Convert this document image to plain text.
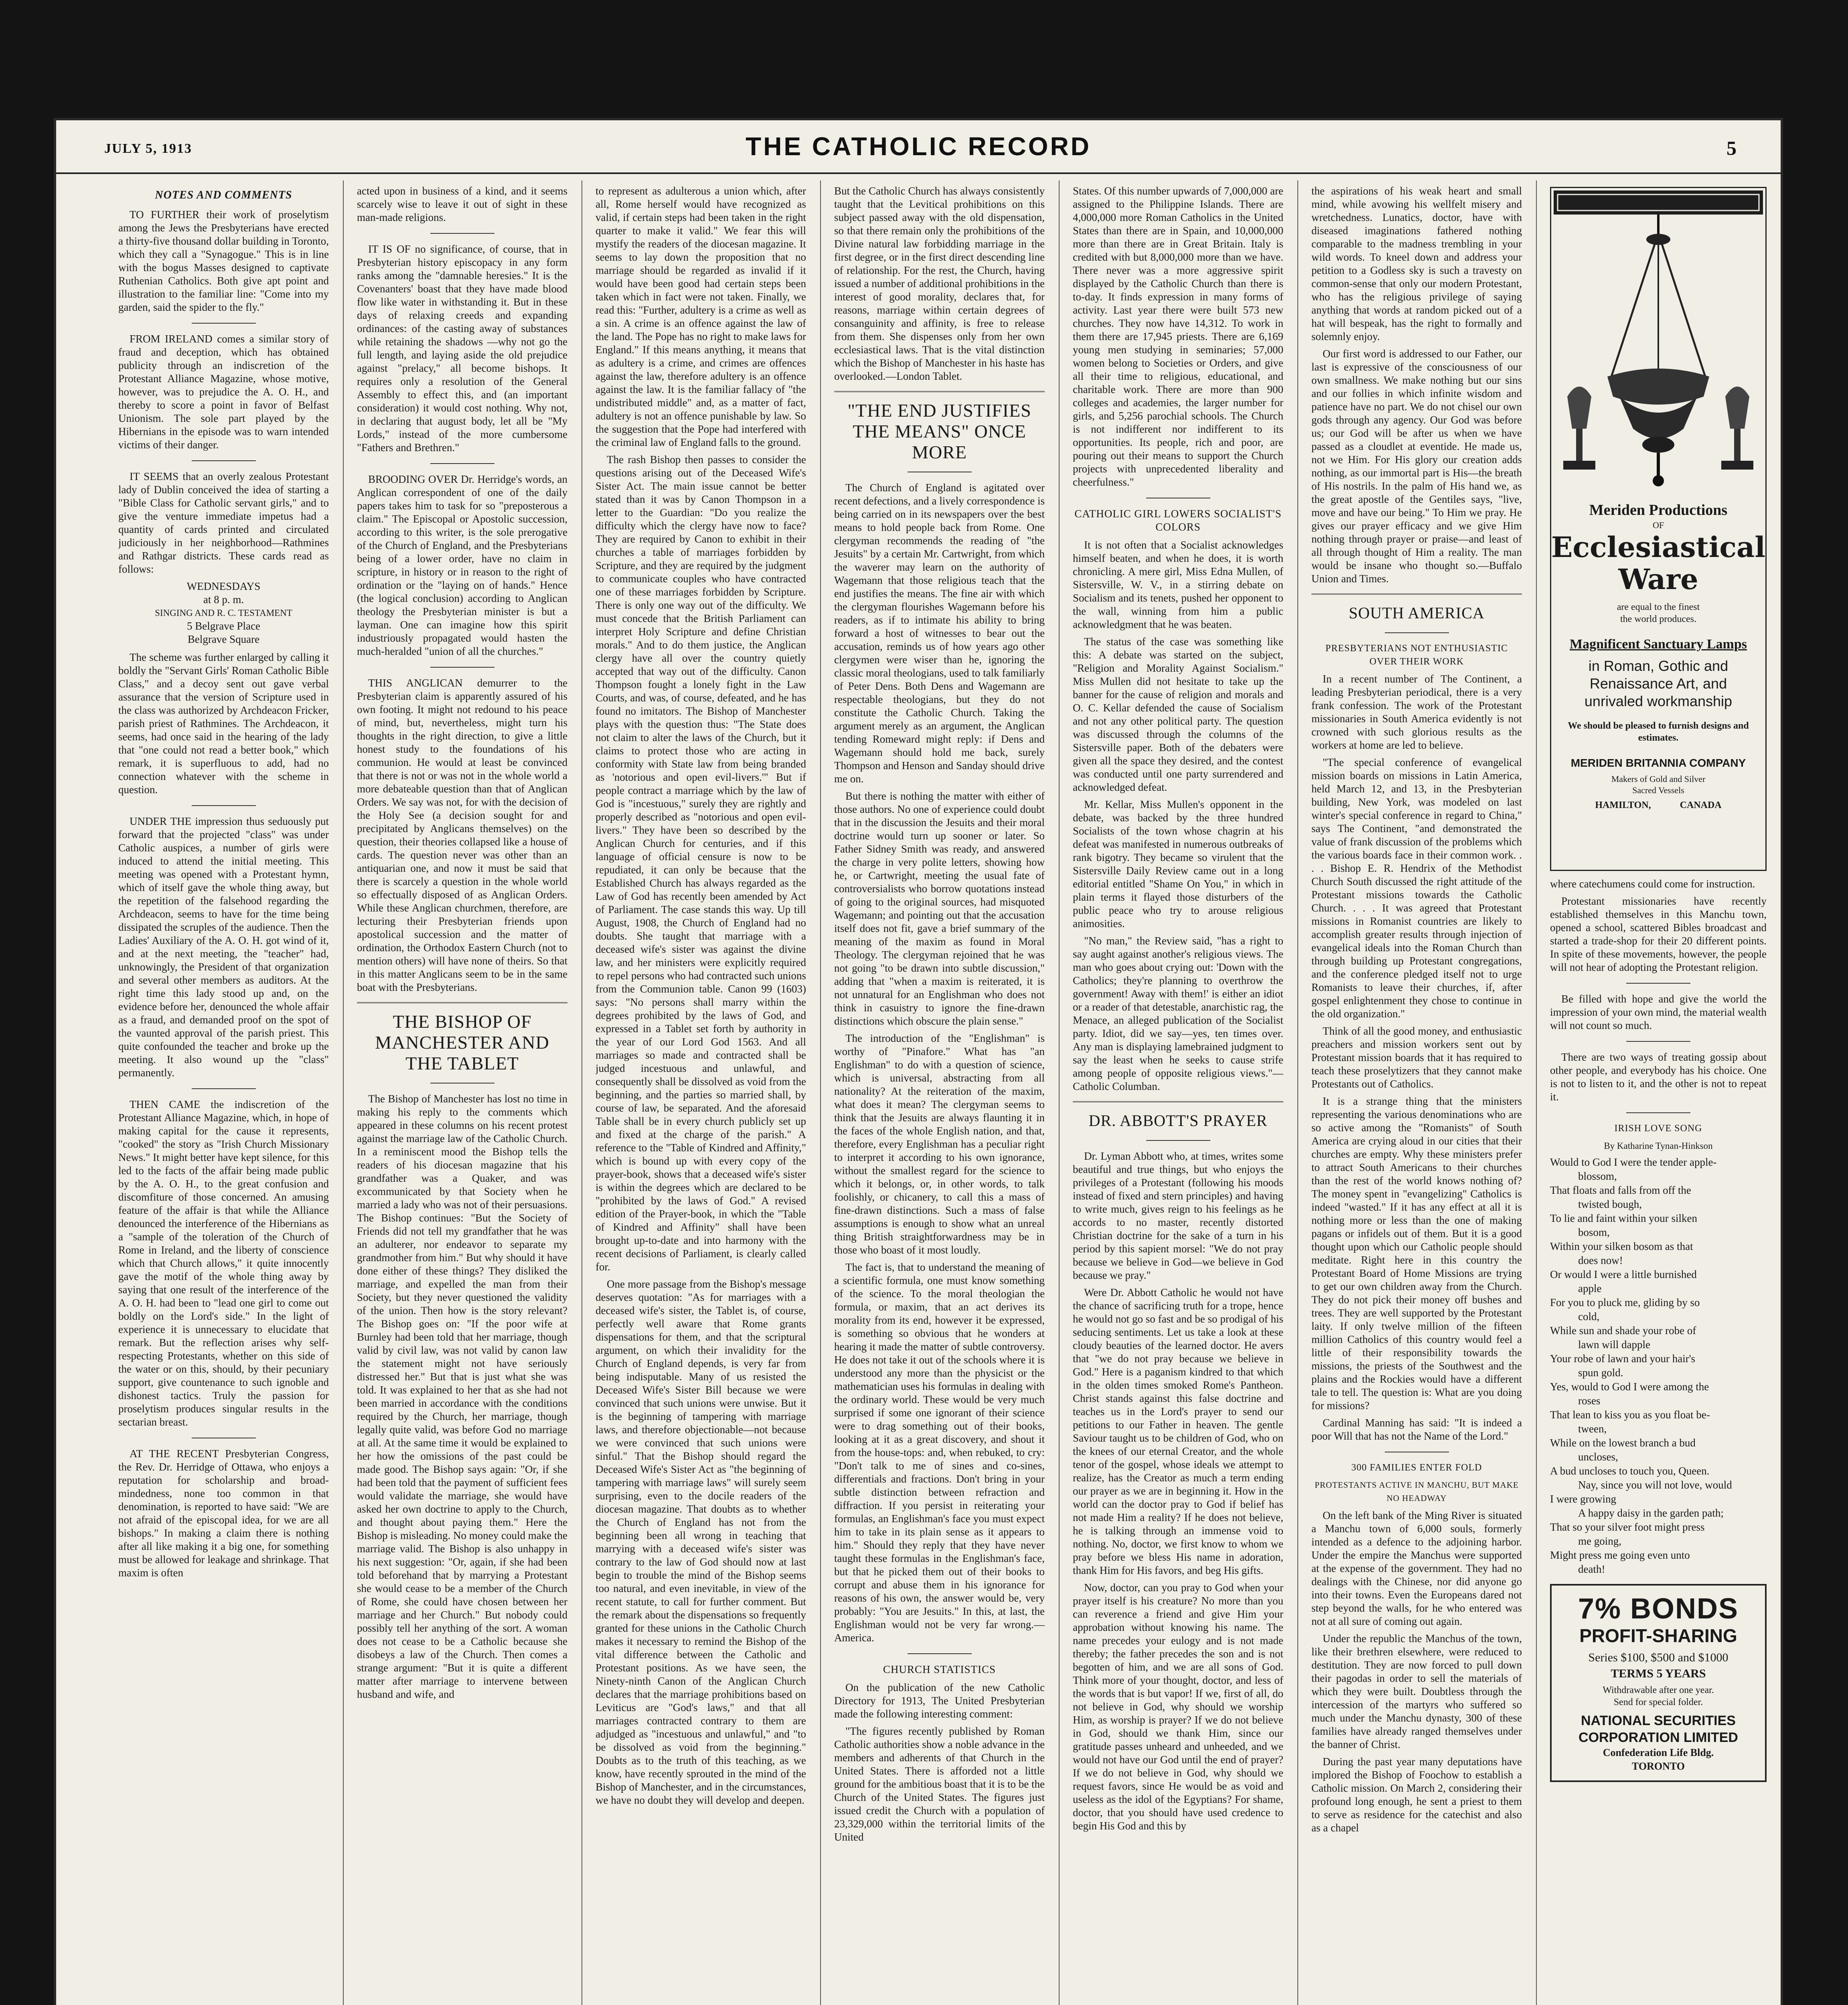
JULY 5, 1913	THE CATHOLIC RECORD	5
NOTES AND COMMENTS

TO FURTHER their work of proselytism among the Jews the Presbyterians have erected a thirty-five thousand dollar building in Toronto, which they call a "Synagogue." This is in line with the bogus Masses designed to captivate Ruthenian Catholics. Both give apt point and illustration to the familiar line: "Come into my garden, said the spider to the fly."

FROM IRELAND comes a similar story of fraud and deception, which has obtained publicity through an indiscretion of the Protestant Alliance Magazine, whose motive, however, was to prejudice the A. O. H., and thereby to score a point in favor of Belfast Unionism. The sole part played by the Hibernians in the episode was to warn intended victims of their danger.

IT SEEMS that an overly zealous Protestant lady of Dublin conceived the idea of starting a "Bible Class for Catholic servant girls," and to give the venture immediate impetus had a quantity of cards printed and circulated judiciously in her neighborhood—Rathmines and Rathgar districts. These cards read as follows:

WEDNESDAYS

at 8 p. m.

SINGING AND R. C. TESTAMENT

5 Belgrave Place

Belgrave Square

The scheme was further enlarged by calling it boldly the "Servant Girls' Roman Catholic Bible Class," and a decoy sent out gave verbal assurance that the version of Scripture used in the class was authorized by Archdeacon Fricker, parish priest of Rathmines. The Archdeacon, it seems, had once said in the hearing of the lady that "one could not read a better book," which remark, it is superfluous to add, had no connection whatever with the scheme in question.

UNDER THE impression thus seduously put forward that the projected "class" was under Catholic auspices, a number of girls were induced to attend the initial meeting. This meeting was opened with a Protestant hymn, which of itself gave the whole thing away, but the repetition of the falsehood regarding the Archdeacon, seems to have for the time being dissipated the scruples of the audience. Then the Ladies' Auxiliary of the A. O. H. got wind of it, and at the next meeting, the "teacher" had, unknowingly, the President of that organization and several other members as auditors. At the right time this lady stood up and, on the evidence before her, denounced the whole affair as a fraud, and demanded proof on the spot of the vaunted approval of the parish priest. This quite confounded the teacher and broke up the meeting. It also wound up the "class" permanently.

THEN CAME the indiscretion of the Protestant Alliance Magazine, which, in hope of making capital for the cause it represents, "cooked" the story as "Irish Church Missionary News." It might better have kept silence, for this led to the facts of the affair being made public by the A. O. H., to the great confusion and discomfiture of those concerned. An amusing feature of the affair is that while the Alliance denounced the interference of the Hibernians as a "sample of the toleration of the Church of Rome in Ireland, and the liberty of conscience which that Church allows," it quite innocently gave the motif of the whole thing away by saying that one result of the interference of the A. O. H. had been to "lead one girl to come out boldly on the Lord's side." In the light of experience it is unnecessary to elucidate that remark. But the reflection arises why self-respecting Protestants, whether on this side of the water or on this, should, by their pecuniary support, give countenance to such ignoble and dishonest tactics. Truly the passion for proselytism produces singular results in the sectarian breast.

AT THE RECENT Presbyterian Congress, the Rev. Dr. Herridge of Ottawa, who enjoys a reputation for scholarship and broad-mindedness, none too common in that denomination, is reported to have said: "We are not afraid of the episcopal idea, for we are all bishops." In making a claim there is nothing after all like making it a big one, for something must be allowed for leakage and shrinkage. That maxim is often

acted upon in business of a kind, and it seems scarcely wise to leave it out of sight in these man-made religions.

IT IS OF no significance, of course, that in Presbyterian history episcopacy in any form ranks among the "damnable heresies." It is the Covenanters' boast that they have made blood flow like water in withstanding it. But in these days of relaxing creeds and expanding ordinances: of the casting away of substances while retaining the shadows —why not go the full length, and laying aside the old prejudice against "prelacy," all become bishops. It requires only a resolution of the General Assembly to effect this, and (an important consideration) it would cost nothing. Why not, in declaring that august body, let all be "My Lords," instead of the more cumbersome "Fathers and Brethren."

BROODING OVER Dr. Herridge's words, an Anglican correspondent of one of the daily papers takes him to task for so "preposterous a claim." The Episcopal or Apostolic succession, according to this writer, is the sole prerogative of the Church of England, and the Presbyterians being of a lower order, have no claim in scripture, in history or in reason to the right of ordination or the "laying on of hands." Hence (the logical conclusion) according to Anglican theology the Presbyterian minister is but a layman. One can imagine how this spirit industriously propagated would hasten the much-heralded "union of all the churches."

THIS ANGLICAN demurrer to the Presbyterian claim is apparently assured of his own footing. It might not redound to his peace of mind, but, nevertheless, might turn his thoughts in the right direction, to give a little honest study to the foundations of his communion. He would at least be convinced that there is not or was not in the whole world a more debateable question than that of Anglican Orders. We say was not, for with the decision of the Holy See (a decision sought for and precipitated by Anglicans themselves) on the question, their theories collapsed like a house of cards. The question never was other than an antiquarian one, and now it must be said that there is scarcely a question in the whole world so effectually disposed of as Anglican Orders. While these Anglican churchmen, therefore, are lecturing their Presbyterian friends upon apostolical succession and the matter of ordination, the Orthodox Eastern Church (not to mention others) will have none of theirs. So that in this matter Anglicans seem to be in the same boat with the Presbyterians.

THE BISHOP OF MANCHESTER AND THE TABLET

The Bishop of Manchester has lost no time in making his reply to the comments which appeared in these columns on his recent protest against the marriage law of the Catholic Church. In a reminiscent mood the Bishop tells the readers of his diocesan magazine that his grandfather was a Quaker, and was excommunicated by that Society when he married a lady who was not of their persuasions. The Bishop continues: "But the Society of Friends did not tell my grandfather that he was an adulterer, nor endeavor to separate my grandmother from him." But why should it have done either of these things? They disliked the marriage, and expelled the man from their Society, but they never questioned the validity of the union. Then how is the story relevant? The Bishop goes on: "If the poor wife at Burnley had been told that her marriage, though valid by civil law, was not valid by canon law the statement might not have seriously distressed her." But that is just what she was told. It was explained to her that as she had not been married in accordance with the conditions required by the Church, her marriage, though legally quite valid, was before God no marriage at all. At the same time it would be explained to her how the omissions of the past could be made good. The Bishop says again: "Or, if she had been told that the payment of sufficient fees would validate the marriage, she would have asked her own doctrine to apply to the Church, and thought about paying them." Here the Bishop is misleading. No money could make the marriage valid. The Bishop is also unhappy in his next suggestion: "Or, again, if she had been told beforehand that by marrying a Protestant she would cease to be a member of the Church of Rome, she could have chosen between her marriage and her Church." But nobody could possibly tell her anything of the sort. A woman does not cease to be a Catholic because she disobeys a law of the Church. Then comes a strange argument: "But it is quite a different matter after marriage to intervene between husband and wife, and

to represent as adulterous a union which, after all, Rome herself would have recognized as valid, if certain steps had been taken in the right quarter to make it valid." We fear this will mystify the readers of the diocesan magazine. It seems to lay down the proposition that no marriage should be regarded as invalid if it would have been good had certain steps been taken which in fact were not taken. Finally, we read this: "Further, adultery is a crime as well as a sin. A crime is an offence against the law of the land. The Pope has no right to make laws for England." If this means anything, it means that as adultery is a crime, and crimes are offences against the law, therefore adultery is an offence against the law. It is the familiar fallacy of "the undistributed middle" and, as a matter of fact, adultery is not an offence punishable by law. So the suggestion that the Pope had interfered with the criminal law of England falls to the ground.

The rash Bishop then passes to consider the questions arising out of the Deceased Wife's Sister Act. The main issue cannot be better stated than it was by Canon Thompson in a letter to the Guardian: "Do you realize the difficulty which the clergy have now to face? They are required by Canon to exhibit in their churches a table of marriages forbidden by Scripture, and they are required by the judgment to communicate couples who have contracted one of these marriages forbidden by Scripture. There is only one way out of the difficulty. We must concede that the British Parliament can interpret Holy Scripture and define Christian morals." And to do them justice, the Anglican clergy have all over the country quietly accepted that way out of the difficulty. Canon Thompson fought a lonely fight in the Law Courts, and was, of course, defeated, and he has found no imitators. The Bishop of Manchester plays with the question thus: "The State does not claim to alter the laws of the Church, but it claims to protect those who are acting in conformity with State law from being branded as 'notorious and open evil-livers.'" But if people contract a marriage which by the law of God is "incestuous," surely they are rightly and properly described as "notorious and open evil-livers." They have been so described by the Anglican Church for centuries, and if this language of official censure is now to be repudiated, it can only be because that the Established Church has always regarded as the Law of God has recently been amended by Act of Parliament. The case stands this way. Up till August, 1908, the Church of England had no doubts. She taught that marriage with a deceased wife's sister was against the divine law, and her ministers were explicitly required to repel persons who had contracted such unions from the Communion table. Canon 99 (1603) says: "No persons shall marry within the degrees prohibited by the laws of God, and expressed in a Tablet set forth by authority in the year of our Lord God 1563. And all marriages so made and contracted shall be judged incestuous and unlawful, and consequently shall be dissolved as void from the beginning, and the parties so married shall, by course of law, be separated. And the aforesaid Table shall be in every church publicly set up and fixed at the charge of the parish." A reference to the "Table of Kindred and Affinity," which is bound up with every copy of the prayer-book, shows that a deceased wife's sister is within the degrees which are declared to be "prohibited by the laws of God." A revised edition of the Prayer-book, in which the "Table of Kindred and Affinity" shall have been brought up-to-date and into harmony with the recent decisions of Parliament, is clearly called for.

One more passage from the Bishop's message deserves quotation: "As for marriages with a deceased wife's sister, the Tablet is, of course, perfectly well aware that Rome grants dispensations for them, and that the scriptural argument, on which their invalidity for the Church of England depends, is very far from being indisputable. Many of us resisted the Deceased Wife's Sister Bill because we were convinced that such unions were unwise. But it is the beginning of tampering with marriage laws, and therefore objectionable—not because we were convinced that such unions were sinful." That the Bishop should regard the Deceased Wife's Sister Act as "the beginning of tampering with marriage laws" will surely seem surprising, even to the docile readers of the diocesan magazine. That doubts as to whether the Church of England has not from the beginning been all wrong in teaching that marrying with a deceased wife's sister was contrary to the law of God should now at last begin to trouble the mind of the Bishop seems too natural, and even inevitable, in view of the recent statute, to call for further comment. But the remark about the dispensations so frequently granted for these unions in the Catholic Church makes it necessary to remind the Bishop of the vital difference between the Catholic and Protestant positions. As we have seen, the Ninety-ninth Canon of the Anglican Church declares that the marriage prohibitions based on Leviticus are "God's laws," and that all marriages contracted contrary to them are adjudged as "incestuous and unlawful," and "to be dissolved as void from the beginning." Doubts as to the truth of this teaching, as we know, have recently sprouted in the mind of the Bishop of Manchester, and in the circumstances, we have no doubt they will develop and deepen.

But the Catholic Church has always consistently taught that the Levitical prohibitions on this subject passed away with the old dispensation, so that there remain only the prohibitions of the Divine natural law forbidding marriage in the first degree, or in the first direct descending line of relationship. For the rest, the Church, having issued a number of additional prohibitions in the interest of good morality, declares that, for reasons, marriage within certain degrees of consanguinity and affinity, is free to release from them. She dispenses only from her own ecclesiastical laws. That is the vital distinction which the Bishop of Manchester in his haste has overlooked.—London Tablet.

"THE END JUSTIFIES THE MEANS" ONCE MORE

The Church of England is agitated over recent defections, and a lively correspondence is being carried on in its newspapers over the best means to hold people back from Rome. One clergyman recommends the reading of "the Jesuits" by a certain Mr. Cartwright, from which the waverer may learn on the authority of Wagemann that those religious teach that the end justifies the means. The fine air with which the clergyman flourishes Wagemann before his readers, as if to intimate his ability to bring forward a host of witnesses to bear out the accusation, reminds us of how years ago other clergymen were wiser than he, ignoring the classic moral theologians, used to talk familiarly of Peter Dens. Both Dens and Wagemann are respectable theologians, but they do not constitute the Catholic Church. Taking the argument merely as an argument, the Anglican tending Romeward might reply: if Dens and Wagemann should hold me back, surely Thompson and Henson and Sanday should drive me on.

But there is nothing the matter with either of those authors. No one of experience could doubt that in the discussion the Jesuits and their moral doctrine would turn up sooner or later. So Father Sidney Smith was ready, and answered the charge in very polite letters, showing how he, or Cartwright, meeting the usual fate of controversialists who borrow quotations instead of going to the original sources, had misquoted Wagemann; and pointing out that the accusation itself does not fit, gave a brief summary of the meaning of the maxim as found in Moral Theology. The clergyman rejoined that he was not going "to be drawn into subtle discussion," adding that "when a maxim is reiterated, it is not unnatural for an Englishman who does not think in casuistry to ignore the fine-drawn distinctions which obscure the plain sense."

The introduction of the "Englishman" is worthy of "Pinafore." What has "an Englishman" to do with a question of science, which is universal, abstracting from all nationality? At the reiteration of the maxim, what does it mean? The clergyman seems to think that the Jesuits are always flaunting it in the faces of the whole English nation, and that, therefore, every Englishman has a peculiar right to interpret it according to his own ignorance, without the smallest regard for the science to which it belongs, or, in other words, to talk foolishly, or chicanery, to call this a mass of fine-drawn distinctions. Such a mass of false assumptions is enough to show what an unreal thing British straightforwardness may be in those who boast of it most loudly.

The fact is, that to understand the meaning of a scientific formula, one must know something of the science. To the moral theologian the formula, or maxim, that an act derives its morality from its end, however it be expressed, is something so obvious that he wonders at hearing it made the matter of subtle controversy. He does not take it out of the schools where it is understood any more than the physicist or the mathematician uses his formulas in dealing with the ordinary world. These would be very much surprised if some one ignorant of their science were to drag something out of their books, looking at it as a great discovery, and shout it from the house-tops: and, when rebuked, to cry: "Don't talk to me of sines and co-sines, differentials and fractions. Don't bring in your subtle distinction between refraction and diffraction. If you persist in reiterating your formulas, an Englishman's face you must expect him to take in its plain sense as it appears to him." Should they reply that they have never taught these formulas in the Englishman's face, but that he picked them out of their books to corrupt and abuse them in his ignorance for reasons of his own, the answer would be, very probably: "You are Jesuits." In this, at last, the Englishman would not be very far wrong.—America.

CHURCH STATISTICS

On the publication of the new Catholic Directory for 1913, The United Presbyterian made the following interesting comment:

"The figures recently published by Roman Catholic authorities show a noble advance in the members and adherents of that Church in the United States. There is afforded not a little ground for the ambitious boast that it is to be the Church of the United States. The figures just issued credit the Church with a population of 23,329,000 within the territorial limits of the United

States. Of this number upwards of 7,000,000 are assigned to the Philippine Islands. There are 4,000,000 more Roman Catholics in the United States than there are in Spain, and 10,000,000 more than there are in Great Britain. Italy is credited with but 8,000,000 more than we have. There never was a more aggressive spirit displayed by the Catholic Church than there is to-day. It finds expression in many forms of activity. Last year there were built 573 new churches. They now have 14,312. To work in them there are 17,945 priests. There are 6,169 young men studying in seminaries; 57,000 women belong to Societies or Orders, and give all their time to religious, educational, and charitable work. There are more than 900 colleges and academies, the larger number for girls, and 5,256 parochial schools. The Church is not indifferent nor indifferent to its opportunities. Its people, rich and poor, are pouring out their means to support the Church projects with unprecedented liberality and cheerfulness."

CATHOLIC GIRL LOWERS SOCIALIST'S COLORS

It is not often that a Socialist acknowledges himself beaten, and when he does, it is worth chronicling. A mere girl, Miss Edna Mullen, of Sistersville, W. V., in a stirring debate on Socialism and its tenets, pushed her opponent to the wall, winning from him a public acknowledgment that he was beaten.

The status of the case was something like this: A debate was started on the subject, "Religion and Morality Against Socialism." Miss Mullen did not hesitate to take up the banner for the cause of religion and morals and O. C. Kellar defended the cause of Socialism and not any other political party. The question was discussed through the columns of the Sistersville paper. Both of the debaters were given all the space they desired, and the contest was conducted until one party surrendered and acknowledged defeat.

Mr. Kellar, Miss Mullen's opponent in the debate, was backed by the three hundred Socialists of the town whose chagrin at his defeat was manifested in numerous outbreaks of rank bigotry. They became so virulent that the Sistersville Daily Review came out in a long editorial entitled "Shame On You," in which in plain terms it flayed those disturbers of the public peace who try to arouse religious animosities.

"No man," the Review said, "has a right to say aught against another's religious views. The man who goes about crying out: 'Down with the Catholics; they're planning to overthrow the government! Away with them!' is either an idiot or a reader of that detestable, anarchistic rag, the Menace, an alleged publication of the Socialist party. Idiot, did we say—yes, ten times over. Any man is displaying lamebrained judgment to say the least when he seeks to cause strife among people of opposite religious views."—Catholic Columban.

DR. ABBOTT'S PRAYER

Dr. Lyman Abbott who, at times, writes some beautiful and true things, but who enjoys the privileges of a Protestant (following his moods instead of fixed and stern principles) and having to write much, gives reign to his feelings as he accords to no master, recently distorted Christian doctrine for the sake of a turn in his period by this sapient morsel: "We do not pray because we believe in God—we believe in God because we pray."

Were Dr. Abbott Catholic he would not have the chance of sacrificing truth for a trope, hence he would not go so fast and be so prodigal of his seducing sentiments. Let us take a look at these cloudy beauties of the learned doctor. He avers that "we do not pray because we believe in God." Here is a paganism kindred to that which in the olden times smoked Rome's Pantheon. Christ stands against this false doctrine and teaches us in the Lord's prayer to send our petitions to our Father in heaven. The gentle Saviour taught us to be children of God, who on the knees of our eternal Creator, and the whole tenor of the gospel, whose ideals we attempt to realize, has the Creator as much a term ending our prayer as we are in beginning it. How in the world can the doctor pray to God if belief has not made Him a reality? If he does not believe, he is talking through an immense void to nothing. No, doctor, we first know to whom we pray before we bless His name in adoration, thank Him for His favors, and beg His gifts.

Now, doctor, can you pray to God when your prayer itself is his creature? No more than you can reverence a friend and give Him your approbation without knowing his name. The name precedes your eulogy and is not made thereby; the father precedes the son and is not begotten of him, and we are all sons of God. Think more of your thought, doctor, and less of the words that is but vapor! If we, first of all, do not believe in God, why should we worship Him, as worship is prayer? If we do not believe in God, should we thank Him, since our gratitude passes unheard and unheeded, and we would not have our God until the end of prayer? If we do not believe in God, why should we request favors, since He would be as void and useless as the idol of the Egyptians? For shame, doctor, that you should have used credence to begin His God and this by

the aspirations of his weak heart and small mind, while avowing his wellfelt misery and wretchedness. Lunatics, doctor, have with diseased imaginations fathered nothing comparable to the madness trembling in your wild words. To kneel down and address your petition to a Godless sky is such a travesty on common-sense that only our modern Protestant, who has the religious privilege of saying anything that words at random picked out of a hat will bespeak, has the right to formally and solemnly enjoy.

Our first word is addressed to our Father, our last is expressive of the consciousness of our own smallness. We make nothing but our sins and our follies in which infinite wisdom and patience have no part. We do not chisel our own gods through any agency. Our God was before us; our God will be after us when we have passed as a cloudlet at eventide. He made us, not we Him. For His glory our creation adds nothing, as our immortal part is His—the breath of His nostrils. In the palm of His hand we, as the great apostle of the Gentiles says, "live, move and have our being." To Him we pray. He gives our prayer efficacy and we give Him nothing through prayer or praise—and least of all through thought of Him a reality. The man would be insane who thought so.—Buffalo Union and Times.

SOUTH AMERICA
PRESBYTERIANS NOT ENTHUSIASTIC OVER THEIR WORK

In a recent number of The Continent, a leading Presbyterian periodical, there is a very frank confession. The work of the Protestant missionaries in South America evidently is not crowned with such glorious results as the workers at home are led to believe.

"The special conference of evangelical mission boards on missions in Latin America, held March 12, and 13, in the Presbyterian building, New York, was modeled on last winter's special conference in regard to China," says The Continent, "and demonstrated the value of frank discussion of the problems which the various boards face in their common work. . . . Bishop E. R. Hendrix of the Methodist Church South discussed the right attitude of the Protestant missions towards the Catholic Church. . . . It was agreed that Protestant missions in Romanist countries are likely to accomplish greater results through injection of evangelical ideals into the Roman Church than through building up Protestant congregations, and the conference pledged itself not to urge Romanists to leave their churches, if, after gospel enlightenment they chose to continue in the old organization."

Think of all the good money, and enthusiastic preachers and mission workers sent out by Protestant mission boards that it has required to teach these proselytizers that they cannot make Protestants out of Catholics.

It is a strange thing that the ministers representing the various denominations who are so active among the "Romanists" of South America are crying aloud in our cities that their churches are empty. Why these ministers prefer to attract South Americans to their churches than the rest of the world knows nothing of? The money spent in "evangelizing" Catholics is indeed "wasted." If it has any effect at all it is nothing more or less than the one of making pagans or infidels out of them. But it is a good thought upon which our Catholic people should meditate. Right here in this country the Protestant Board of Home Missions are trying to get our own children away from the Church. They do not pick their money off bushes and trees. They are well supported by the Protestant laity. If only twelve million of the fifteen million Catholics of this country would feel a little of their responsibility towards the missions, the priests of the Southwest and the plains and the Rockies would have a different tale to tell. The question is: What are you doing for missions?

Cardinal Manning has said: "It is indeed a poor Will that has not the Name of the Lord."

300 FAMILIES ENTER FOLD
PROTESTANTS ACTIVE IN MANCHU, BUT MAKE NO HEADWAY

On the left bank of the Ming River is situated a Manchu town of 6,000 souls, formerly intended as a defence to the adjoining harbor. Under the empire the Manchus were supported at the expense of the government. They had no dealings with the Chinese, nor did anyone go into their towns. Even the Europeans dared not step beyond the walls, for he who entered was not at all sure of coming out again.

Under the republic the Manchus of the town, like their brethren elsewhere, were reduced to destitution. They are now forced to pull down their pagodas in order to sell the materials of which they were built. Doubtless through the intercession of the martyrs who suffered so much under the Manchu dynasty, 300 of these families have already ranged themselves under the banner of Christ.

During the past year many deputations have implored the Bishop of Foochow to establish a Catholic mission. On March 2, considering their profound long enough, he sent a priest to them to serve as residence for the catechist and also as a chapel

Meriden Productions
OF
Ecclesiastical
Ware
are equal to the finest
the world produces.
Magnificent Sanctuary Lamps
in Roman, Gothic and
Renaissance Art, and
unrivaled workmanship
We should be pleased to furnish designs and estimates.
MERIDEN BRITANNIA COMPANY
Makers of Gold and Silver
Sacred Vessels
HAMILTON,   	CANADA

where catechumens could come for instruction.

Protestant missionaries have recently established themselves in this Manchu town, opened a school, scattered Bibles broadcast and started a trade-shop for their 20 different points. In spite of these movements, however, the people will not hear of adopting the Protestant religion.

Be filled with hope and give the world the impression of your own mind, the material wealth will not count so much.

There are two ways of treating gossip about other people, and everybody has his choice. One is not to listen to it, and the other is not to repeat it.

IRISH LOVE SONG

By Katharine Tynan-Hinkson

Would to God I were the tender apple-

blossom,

That floats and falls from off the

twisted bough,

To lie and faint within your silken

bosom,

Within your silken bosom as that

does now!

Or would I were a little burnished

apple

For you to pluck me, gliding by so

cold,

While sun and shade your robe of

lawn will dapple

Your robe of lawn and your hair's

spun gold.

Yes, would to God I were among the

roses

That lean to kiss you as you float be-

tween,

While on the lowest branch a bud

uncloses,

A bud uncloses to touch you, Queen.

Nay, since you will not love, would

I were growing

A happy daisy in the garden path;

That so your silver foot might press

me going,

Might press me going even unto

death!

7% BONDS
PROFIT-SHARING
Series $100, $500 and $1000
TERMS 5 YEARS
Withdrawable after one year.
Send for special folder.
NATIONAL SECURITIES
CORPORATION LIMITED
Confederation Life Bldg.
TORONTO
